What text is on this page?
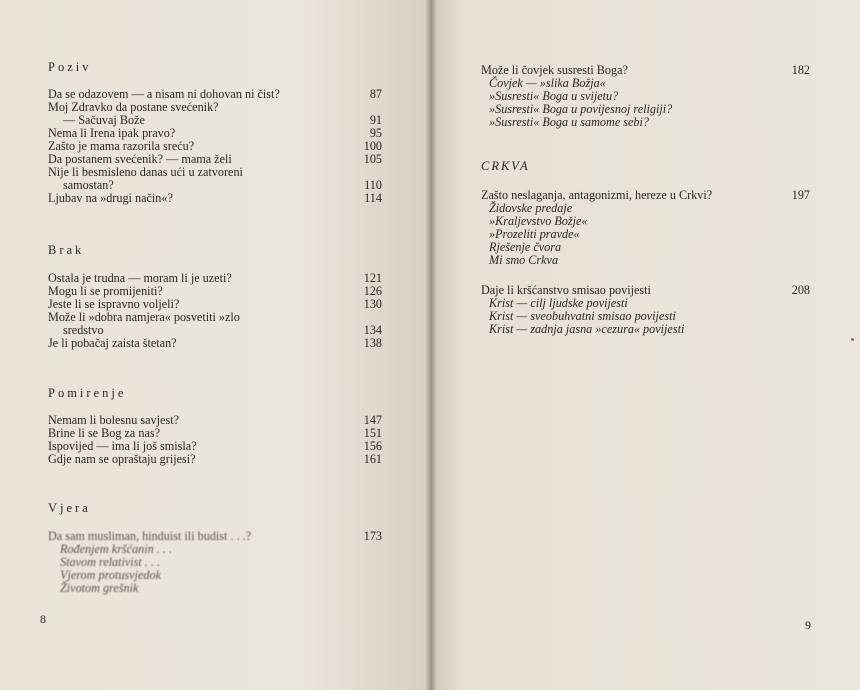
Poziv
Da se odazovem — a nisam ni dohovan ni čist?	87
Moj Zdravko da postane svećenik?
— Sačuvaj Bože	91
Nema li Irena ipak pravo?	95
Zašto je mama razorila sreću?	100
Da postanem svećenik? — mama želi	105
Nije li besmisleno danas ući u zatvoreni
samostan?	110
Ljubav na »drugi način«?	114
Brak
Ostala je trudna — moram li je uzeti?	121
Mogu li se promijeniti?	126
Jeste li se ispravno voljeli?	130
Može li »dobra namjera« posvetiti »zlo
sredstvo	134
Je li pobačaj zaista štetan?	138
Pomirenje
Nemam li bolesnu savjest?	147
Brine li se Bog za nas?	151
Ispovijed — ima li još smisla?	156
Gdje nam se opraštaju grijesi?	161
Vjera
Da sam musliman, hinduist ili budist . . .?	173
Rođenjem kršćanin . . .
Stavom relativist . . .
Vjerom protusvjedok
Životom grešnik
Može li čovjek susresti Boga?	182
Čovjek — »slika Božja«
»Susresti« Boga u svijetu?
»Susresti« Boga u povijesnoj religiji?
»Susresti« Boga u samome sebi?
CRKVA
Zašto neslaganja, antagonizmi, hereze u Crkvi?	197
Židovske predaje
»Kraljevstvo Božje«
»Prozeliti pravde«
Rješenje čvora
Mi smo Crkva
Daje li kršćanstvo smisao povijesti	208
Krist — cilj ljudske povijesti
Krist — sveobuhvatni smisao povijesti
Krist — zadnja jasna »cezura« povijesti
8	9
